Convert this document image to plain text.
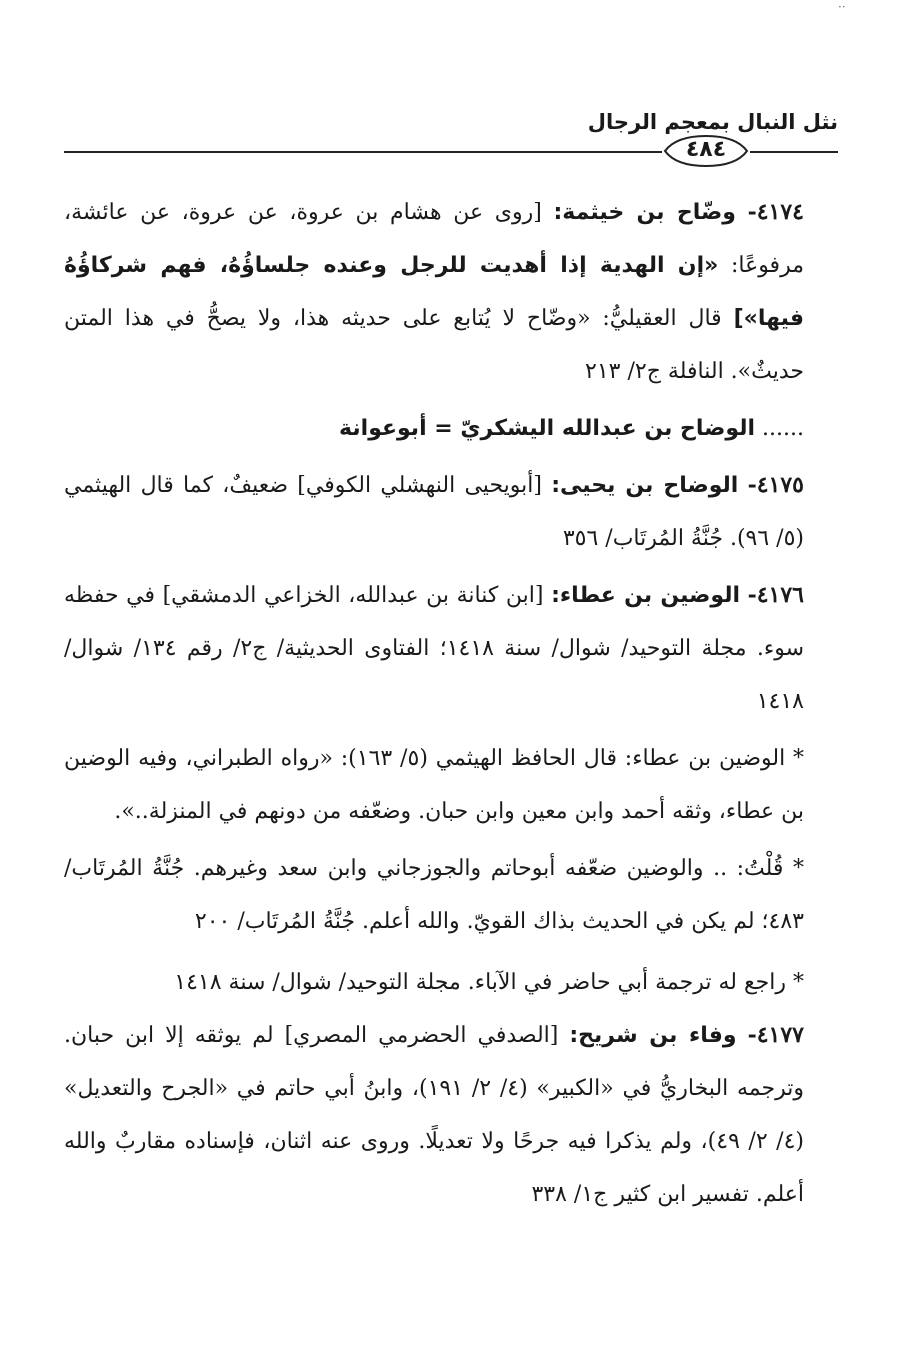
··
نثل النبال بمعجم الرجال
٤٨٤

٤١٧٤- وضّاح بن خيثمة: [روى عن هشام بن عروة، عن عروة، عن عائشة، مرفوعًا: «إن الهدية إذا أهديت للرجل وعنده جلساؤُهُ، فهم شركاؤُهُ فيها»] قال العقيليُّ: «وضّاح لا يُتابع على حديثه هذا، ولا يصحُّ في هذا المتن حديثٌ». النافلة ج٢/ ٢١٣

...... الوضاح بن عبدالله اليشكريّ = أبوعوانة

٤١٧٥- الوضاح بن يحيى: [أبويحيى النهشلي الكوفي] ضعيفٌ، كما قال الهيثمي (٥/ ٩٦). جُنَّةُ المُرتَاب/ ٣٥٦

٤١٧٦- الوضين بن عطاء: [ابن كنانة بن عبدالله، الخزاعي الدمشقي] في حفظه سوء. مجلة التوحيد/ شوال/ سنة ١٤١٨؛ الفتاوى الحديثية/ ج٢/ رقم ١٣٤/ شوال/ ١٤١٨

* الوضين بن عطاء: قال الحافظ الهيثمي (٥/ ١٦٣): «رواه الطبراني، وفيه الوضين بن عطاء، وثقه أحمد وابن معين وابن حبان. وضعّفه من دونهم في المنزلة..».

* قُلْتُ: .. والوضين ضعّفه أبوحاتم والجوزجاني وابن سعد وغيرهم. جُنَّةُ المُرتَاب/ ٤٨٣؛ لم يكن في الحديث بذاك القويّ. والله أعلم. جُنَّةُ المُرتَاب/ ٢٠٠

* راجع له ترجمة أبي حاضر في الآباء. مجلة التوحيد/ شوال/ سنة ١٤١٨

٤١٧٧- وفاء بن شريح: [الصدفي الحضرمي المصري] لم يوثقه إلا ابن حبان. وترجمه البخاريُّ في «الكبير» (٤/ ٢/ ١٩١)، وابنُ أبي حاتم في «الجرح والتعديل» (٤/ ٢/ ٤٩)، ولم يذكرا فيه جرحًا ولا تعديلًا. وروى عنه اثنان، فإسناده مقاربٌ والله أعلم. تفسير ابن كثير ج١/ ٣٣٨
